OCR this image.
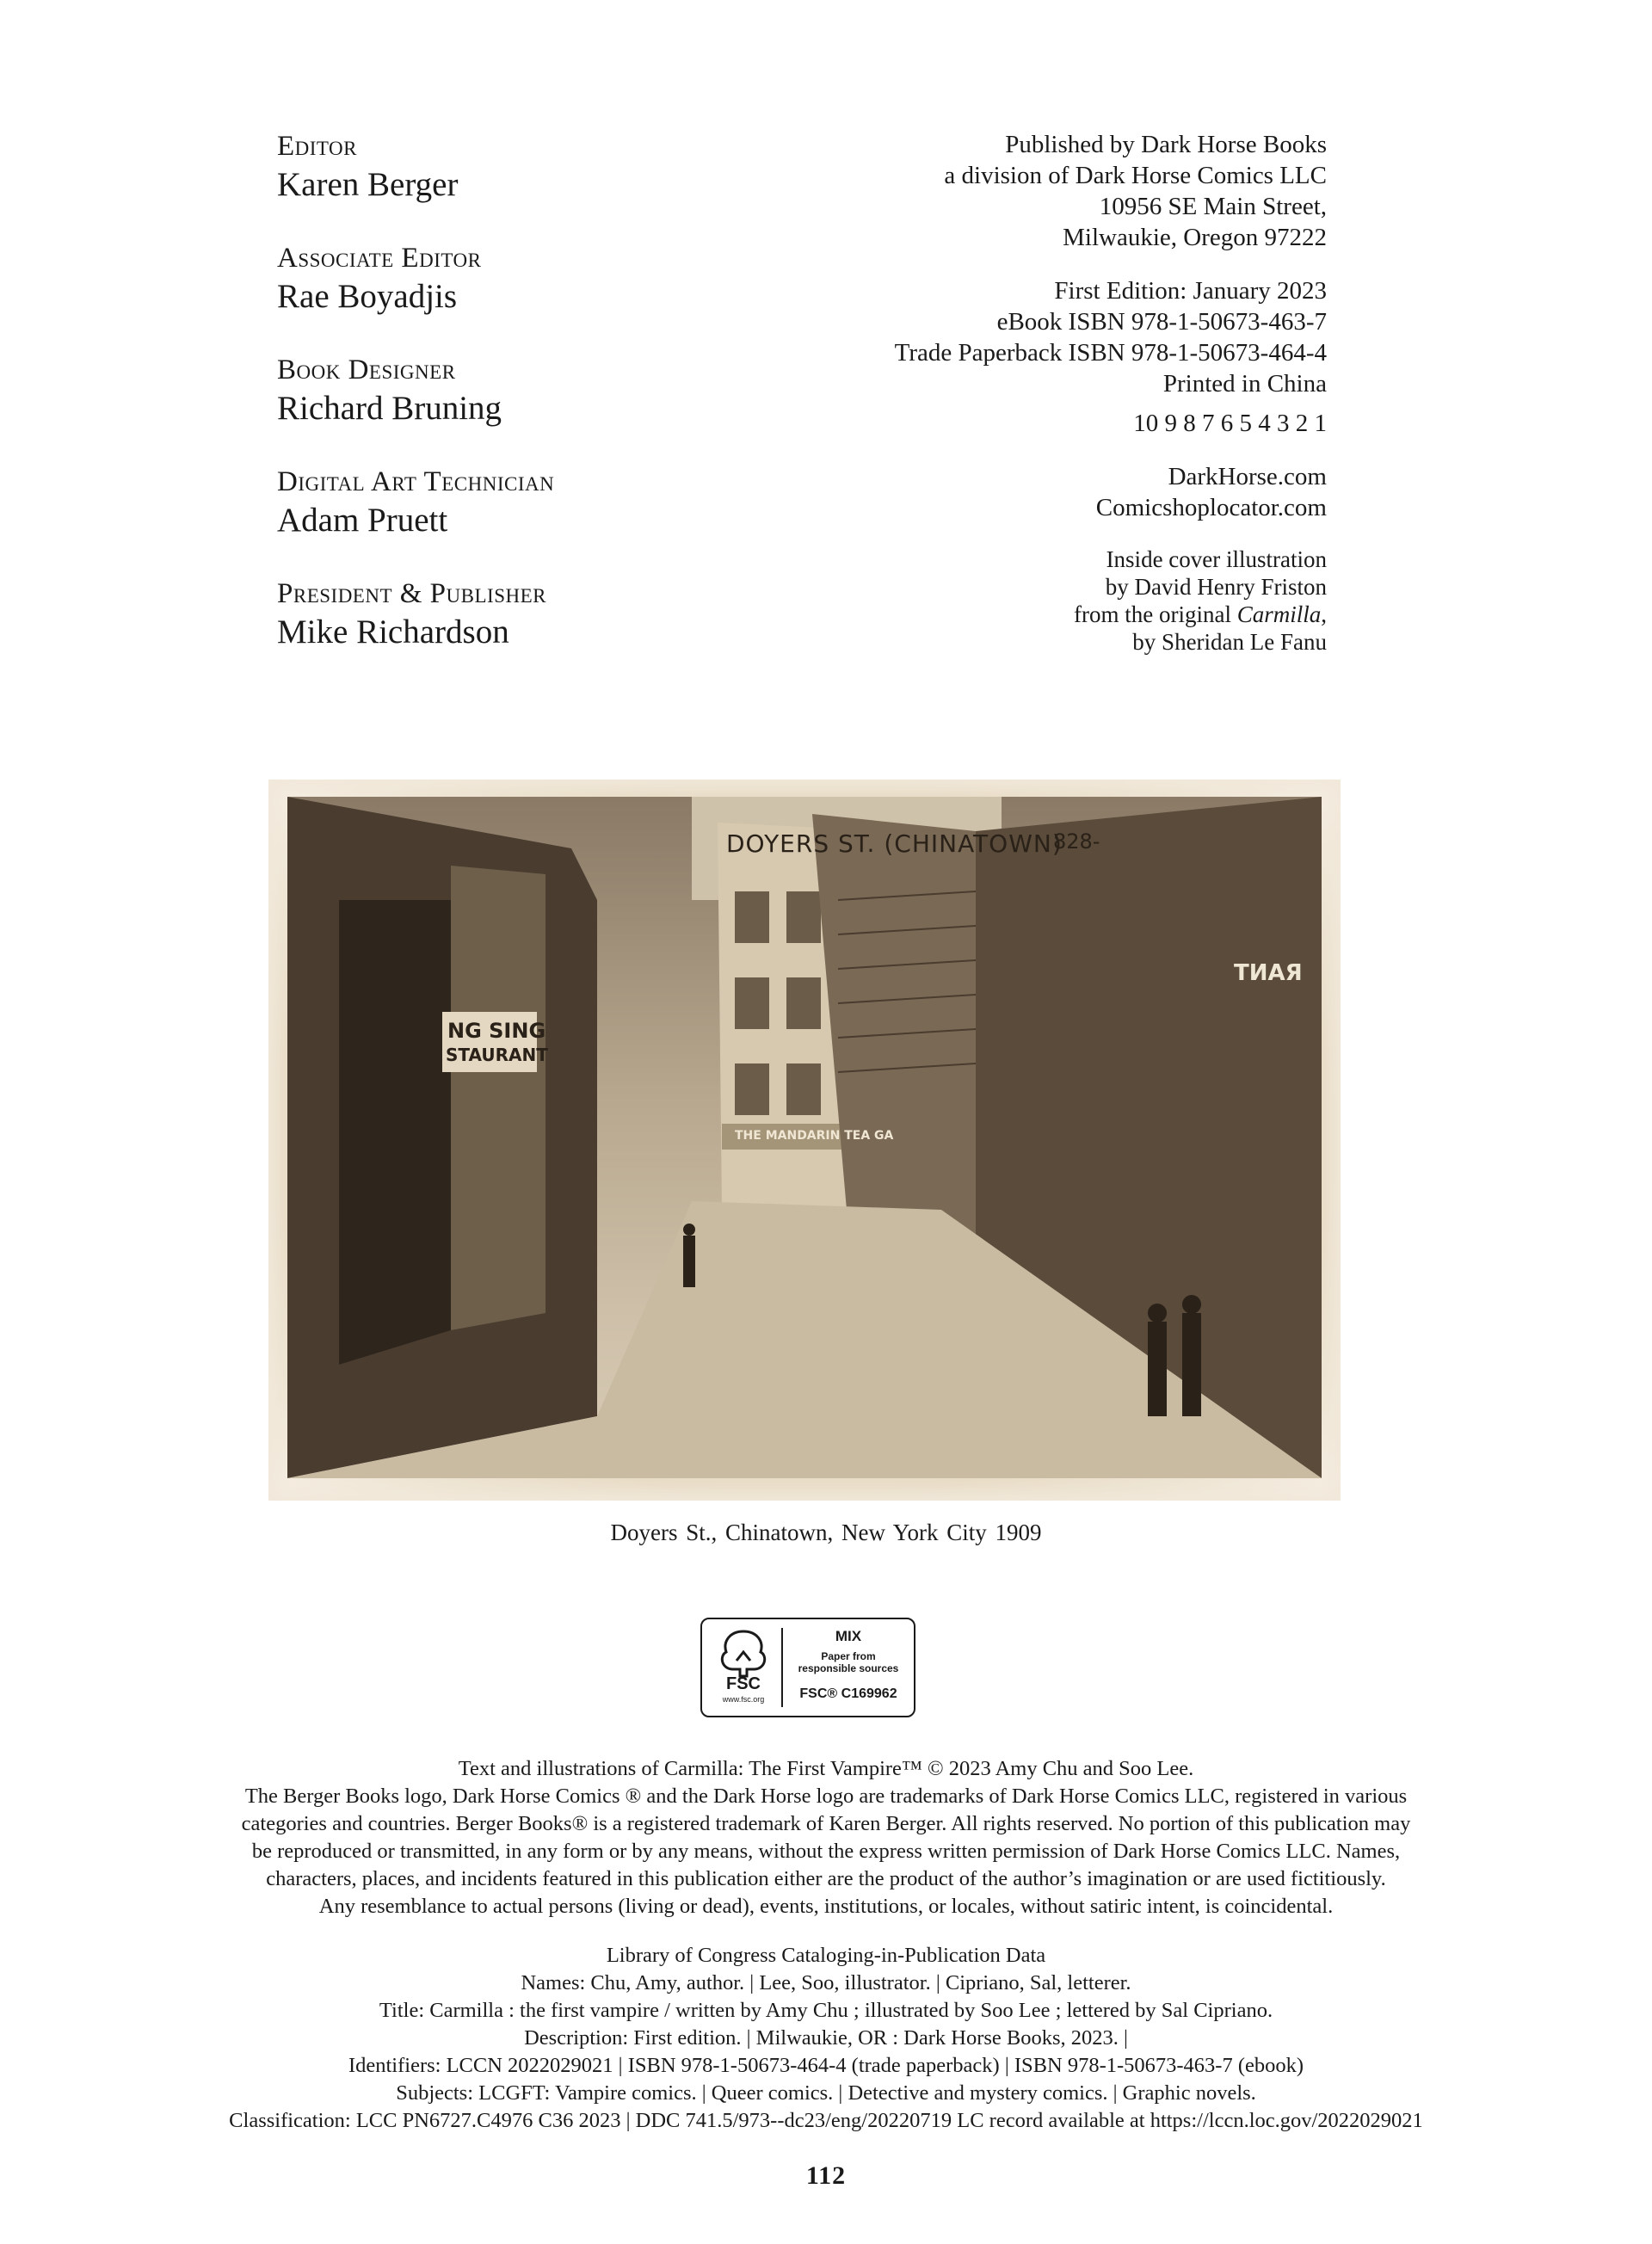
Editor
Karen Berger
Associate Editor
Rae Boyadjis
Book Designer
Richard Bruning
Digital Art Technician
Adam Pruett
President & Publisher
Mike Richardson
Published by Dark Horse Books
a division of Dark Horse Comics LLC
10956 SE Main Street,
Milwaukie, Oregon 97222
First Edition: January 2023
eBook ISBN 978-1-50673-463-7
Trade Paperback ISBN 978-1-50673-464-4
Printed in China
10 9 8 7 6 5 4 3 2 1
DarkHorse.com
Comicshoplocator.com
Inside cover illustration
by David Henry Friston
from the original Carmilla,
by Sheridan Le Fanu
DOYERS ST. (CHINATOWN)
828-
NG SING
STAURANT
THE MANDARIN TEA GA
TИAЯ
Doyers St., Chinatown, New York City 1909
FSC
www.fsc.org
MIX
Paper from
responsible sources
FSC® C169962
Text and illustrations of Carmilla: The First Vampire™ © 2023 Amy Chu and Soo Lee.
The Berger Books logo, Dark Horse Comics ® and the Dark Horse logo are trademarks of Dark Horse Comics LLC, registered in various
categories and countries. Berger Books® is a registered trademark of Karen Berger. All rights reserved. No portion of this publication may
be reproduced or transmitted, in any form or by any means, without the express written permission of Dark Horse Comics LLC. Names,
characters, places, and incidents featured in this publication either are the product of the author’s imagination or are used fictitiously.
Any resemblance to actual persons (living or dead), events, institutions, or locales, without satiric intent, is coincidental.
Library of Congress Cataloging-in-Publication Data
Names: Chu, Amy, author. | Lee, Soo, illustrator. | Cipriano, Sal, letterer.
Title: Carmilla : the first vampire / written by Amy Chu ; illustrated by Soo Lee ; lettered by Sal Cipriano.
Description: First edition. | Milwaukie, OR : Dark Horse Books, 2023. |
Identifiers: LCCN 2022029021 | ISBN 978-1-50673-464-4 (trade paperback) | ISBN 978-1-50673-463-7 (ebook)
Subjects: LCGFT: Vampire comics. | Queer comics. | Detective and mystery comics. | Graphic novels.
Classification: LCC PN6727.C4976 C36 2023 | DDC 741.5/973--dc23/eng/20220719 LC record available at https://lccn.loc.gov/2022029021
112
